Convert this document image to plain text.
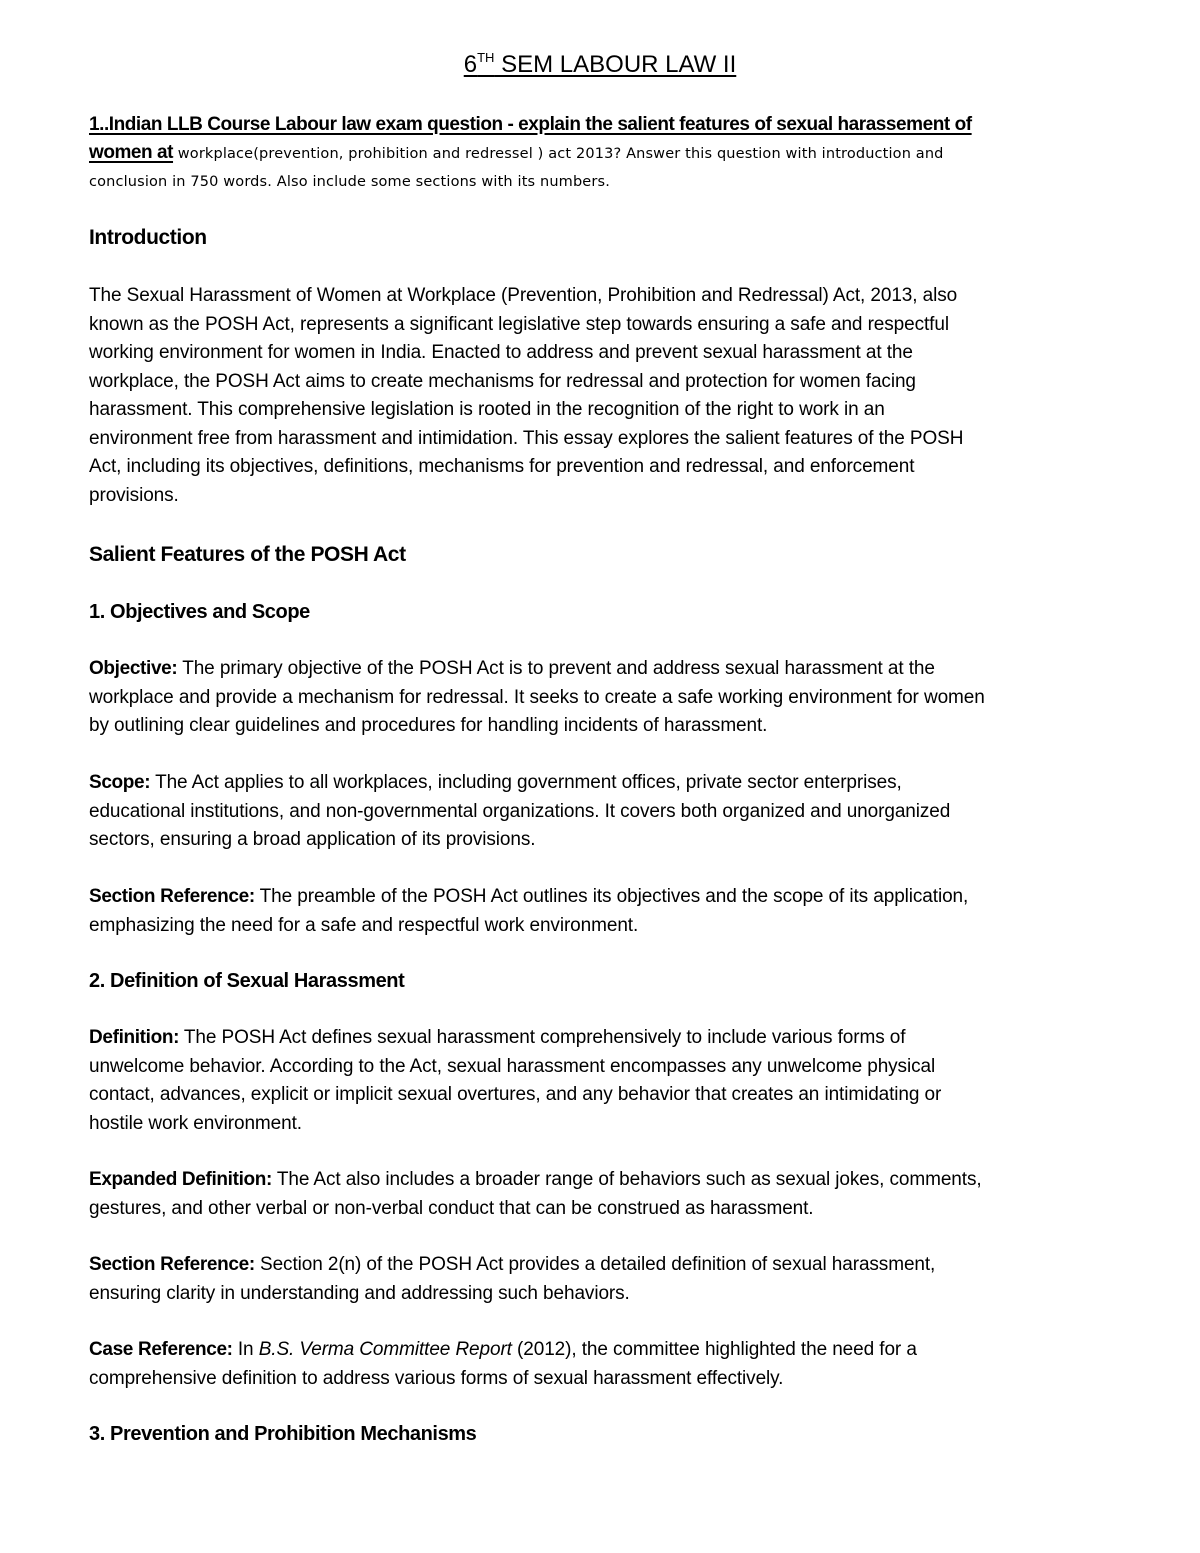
6TH SEM LABOUR LAW II
1..Indian LLB Course Labour law exam question - explain the salient features of sexual harassement of
women at workplace(prevention, prohibition and redressel ) act 2013? Answer this question with introduction and
conclusion in 750 words. Also include some sections with its numbers.
Introduction
The Sexual Harassment of Women at Workplace (Prevention, Prohibition and Redressal) Act, 2013, also
known as the POSH Act, represents a significant legislative step towards ensuring a safe and respectful
working environment for women in India. Enacted to address and prevent sexual harassment at the
workplace, the POSH Act aims to create mechanisms for redressal and protection for women facing
harassment. This comprehensive legislation is rooted in the recognition of the right to work in an
environment free from harassment and intimidation. This essay explores the salient features of the POSH
Act, including its objectives, definitions, mechanisms for prevention and redressal, and enforcement
provisions.
Salient Features of the POSH Act
1. Objectives and Scope
Objective: The primary objective of the POSH Act is to prevent and address sexual harassment at the
workplace and provide a mechanism for redressal. It seeks to create a safe working environment for women
by outlining clear guidelines and procedures for handling incidents of harassment.
Scope: The Act applies to all workplaces, including government offices, private sector enterprises,
educational institutions, and non-governmental organizations. It covers both organized and unorganized
sectors, ensuring a broad application of its provisions.
Section Reference: The preamble of the POSH Act outlines its objectives and the scope of its application,
emphasizing the need for a safe and respectful work environment.
2. Definition of Sexual Harassment
Definition: The POSH Act defines sexual harassment comprehensively to include various forms of
unwelcome behavior. According to the Act, sexual harassment encompasses any unwelcome physical
contact, advances, explicit or implicit sexual overtures, and any behavior that creates an intimidating or
hostile work environment.
Expanded Definition: The Act also includes a broader range of behaviors such as sexual jokes, comments,
gestures, and other verbal or non-verbal conduct that can be construed as harassment.
Section Reference: Section 2(n) of the POSH Act provides a detailed definition of sexual harassment,
ensuring clarity in understanding and addressing such behaviors.
Case Reference: In B.S. Verma Committee Report (2012), the committee highlighted the need for a
comprehensive definition to address various forms of sexual harassment effectively.
3. Prevention and Prohibition Mechanisms
